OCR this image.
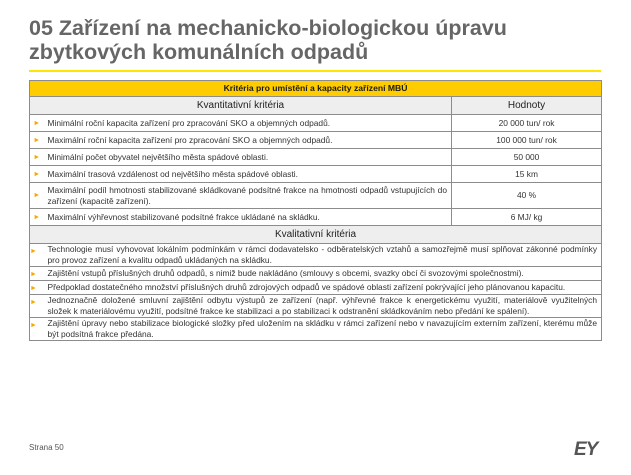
05 Zařízení na mechanicko-biologickou úpravu zbytkových komunálních odpadů
Kritéria pro umístění a kapacity zařízení MBÚ		
Kvantitativní kritéria		Hodnoty
►	Minimální roční kapacita zařízení pro zpracování SKO a objemných odpadů.	20 000 tun/ rok
►	Maximální roční kapacita zařízení pro zpracování SKO a objemných odpadů.	100 000 tun/ rok
►	Minimální počet obyvatel největšího města spádové oblasti.	50 000
►	Maximální trasová vzdálenost od největšího města spádové oblasti.	15 km
►	Maximální podíl hmotnosti stabilizované skládkované podsítné frakce na hmotnosti odpadů vstupujících do zařízení (kapacitě zařízení).	40 %
►	Maximální výhřevnost stabilizované podsítné frakce ukládané na skládku.	6 MJ/ kg
Kvalitativní kritéria		
►	Technologie musí vyhovovat lokálním podmínkám v rámci dodavatelsko - odběratelských vztahů a samozřejmě musí splňovat zákonné podmínky pro provoz zařízení a kvalitu odpadů ukládaných na skládku.	
►	Zajištění vstupů příslušných druhů odpadů, s nimiž bude nakládáno (smlouvy s obcemi, svazky obcí či svozovými společnostmi).	
►	Předpoklad dostatečného množství příslušných druhů zdrojových odpadů ve spádové oblasti zařízení pokrývající jeho plánovanou kapacitu.	
►	Jednoznačně doložené smluvní zajištění odbytu výstupů ze zařízení (např. výhřevné frakce k energetickému využití, materiálově využitelných složek k materiálovému využití, podsítné frakce ke stabilizaci a po stabilizaci k odstranění skládkováním nebo předání ke spálení).	
►	Zajištění úpravy nebo stabilizace biologické složky před uložením na skládku v rámci zařízení nebo v navazujícím externím zařízení, kterému může být podsítná frakce předána.	
Strana 50	EY
